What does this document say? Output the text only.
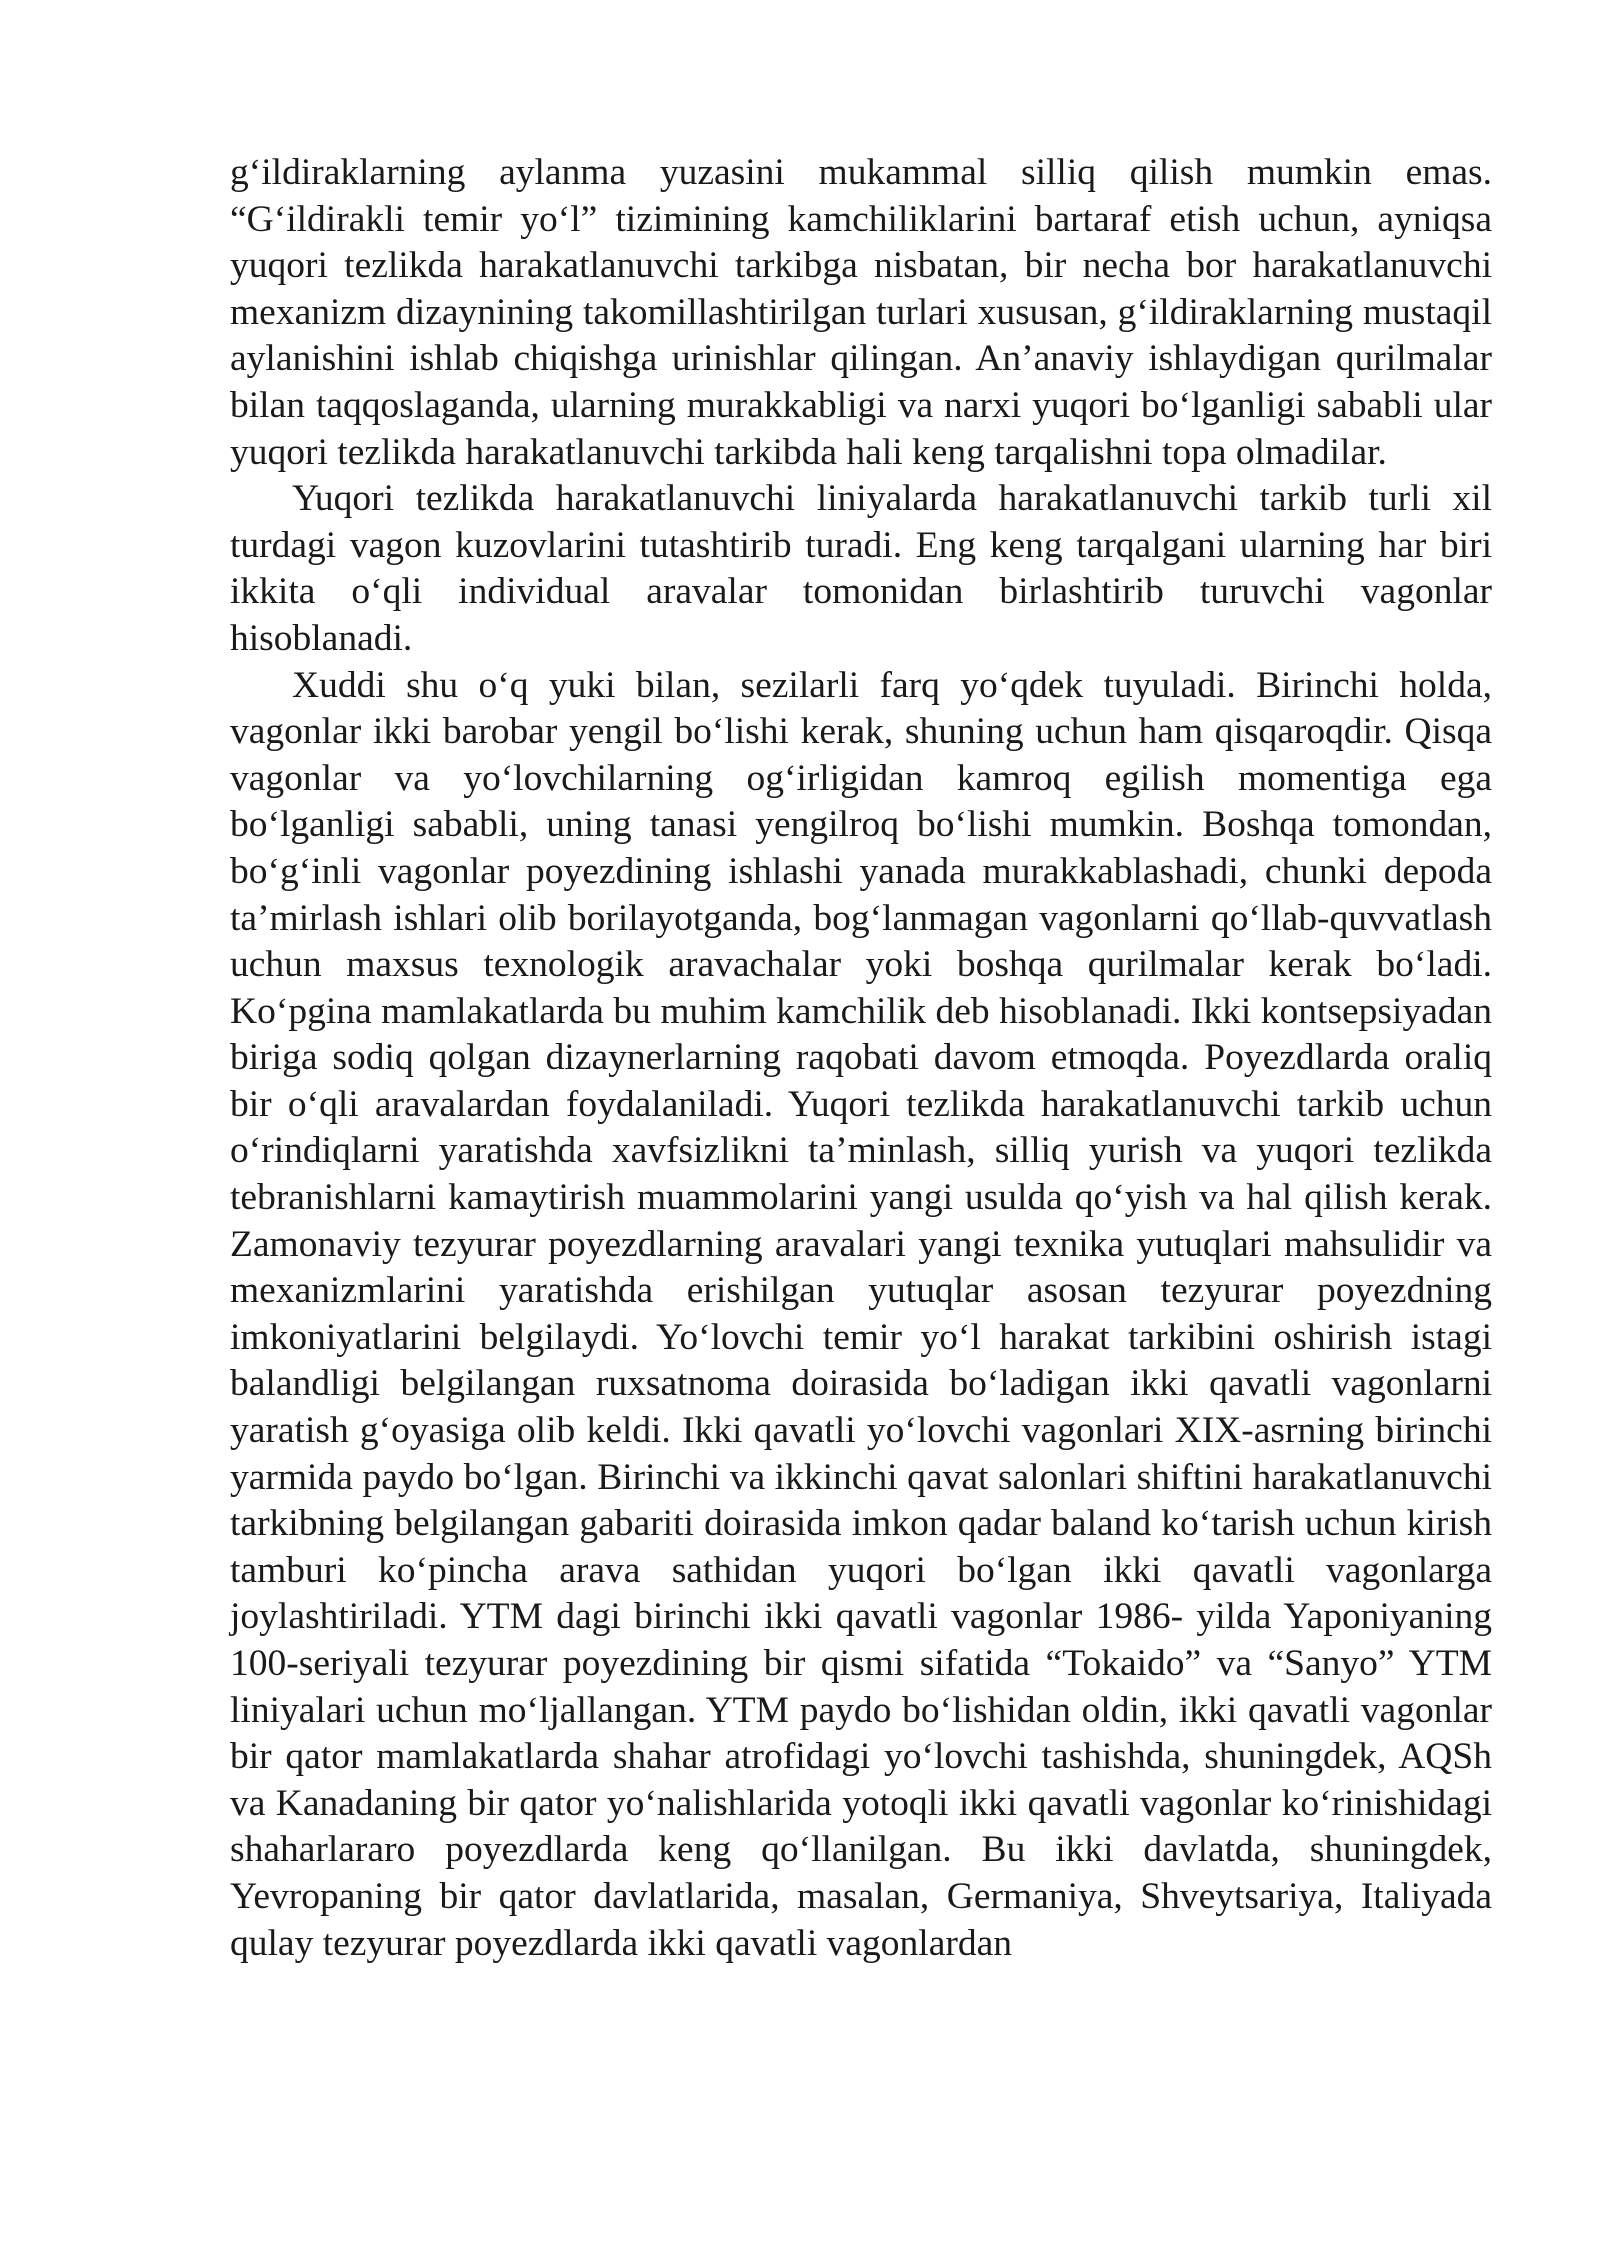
g‘ildiraklarning aylanma yuzasini mukammal silliq qilish mumkin emas. “G‘ildirakli temir yo‘l” tizimining kamchiliklarini bartaraf etish uchun, ayniqsa yuqori tezlikda harakatlanuvchi tarkibga nisbatan, bir necha bor harakatlanuvchi mexanizm dizaynining takomillashtirilgan turlari xususan, g‘ildiraklarning mustaqil aylanishini ishlab chiqishga urinishlar qilingan. An’anaviy ishlaydigan qurilmalar bilan taqqoslaganda, ularning murakkabligi va narxi yuqori bo‘lganligi sababli ular yuqori tezlikda harakatlanuvchi tarkibda hali keng tarqalishni topa olmadilar.

Yuqori tezlikda harakatlanuvchi liniyalarda harakatlanuvchi tarkib turli xil turdagi vagon kuzovlarini tutashtirib turadi. Eng keng tarqalgani ularning har biri ikkita o‘qli individual aravalar tomonidan birlashtirib turuvchi vagonlar hisoblanadi.

Xuddi shu o‘q yuki bilan, sezilarli farq yo‘qdek tuyuladi. Birinchi holda, vagonlar ikki barobar yengil bo‘lishi kerak, shuning uchun ham qisqaroqdir. Qisqa vagonlar va yo‘lovchilarning og‘irligidan kamroq egilish momentiga ega bo‘lganligi sababli, uning tanasi yengilroq bo‘lishi mumkin. Boshqa tomondan, bo‘g‘inli vagonlar poyezdining ishlashi yanada murakkablashadi, chunki depoda ta’mirlash ishlari olib borilayotganda, bog‘lanmagan vagonlarni qo‘llab-quvvatlash uchun maxsus texnologik aravachalar yoki boshqa qurilmalar kerak bo‘ladi. Ko‘pgina mamlakatlarda bu muhim kamchilik deb hisoblanadi. Ikki kontsepsiyadan biriga sodiq qolgan dizaynerlarning raqobati davom etmoqda. Poyezdlarda oraliq bir o‘qli aravalardan foydalaniladi. Yuqori tezlikda harakatlanuvchi tarkib uchun o‘rindiqlarni yaratishda xavfsizlikni ta’minlash, silliq yurish va yuqori tezlikda tebranishlarni kamaytirish muammolarini yangi usulda qo‘yish va hal qilish kerak. Zamonaviy tezyurar poyezdlarning aravalari yangi texnika yutuqlari mahsulidir va mexanizmlarini yaratishda erishilgan yutuqlar asosan tezyurar poyezdning imkoniyatlarini belgilaydi. Yo‘lovchi temir yo‘l harakat tarkibini oshirish istagi balandligi belgilangan ruxsatnoma doirasida bo‘ladigan ikki qavatli vagonlarni yaratish g‘oyasiga olib keldi. Ikki qavatli yo‘lovchi vagonlari XIX-asrning birinchi yarmida paydo bo‘lgan. Birinchi va ikkinchi qavat salonlari shiftini harakatlanuvchi tarkibning belgilangan gabariti doirasida imkon qadar baland ko‘tarish uchun kirish tamburi ko‘pincha arava sathidan yuqori bo‘lgan ikki qavatli vagonlarga joylashtiriladi. YTM dagi birinchi ikki qavatli vagonlar 1986- yilda Yaponiyaning 100-seriyali tezyurar poyezdining bir qismi sifatida “Tokaido” va “Sanyo” YTM liniyalari uchun mo‘ljallangan. YTM paydo bo‘lishidan oldin, ikki qavatli vagonlar bir qator mamlakatlarda shahar atrofidagi yo‘lovchi tashishda, shuningdek, AQSh va Kanadaning bir qator yo‘nalishlarida yotoqli ikki qavatli vagonlar ko‘rinishidagi shaharlararo poyezdlarda keng qo‘llanilgan. Bu ikki davlatda, shuningdek, Yevropaning bir qator davlatlarida, masalan, Germaniya, Shveytsariya, Italiyada qulay tezyurar poyezdlarda ikki qavatli vagonlardan
